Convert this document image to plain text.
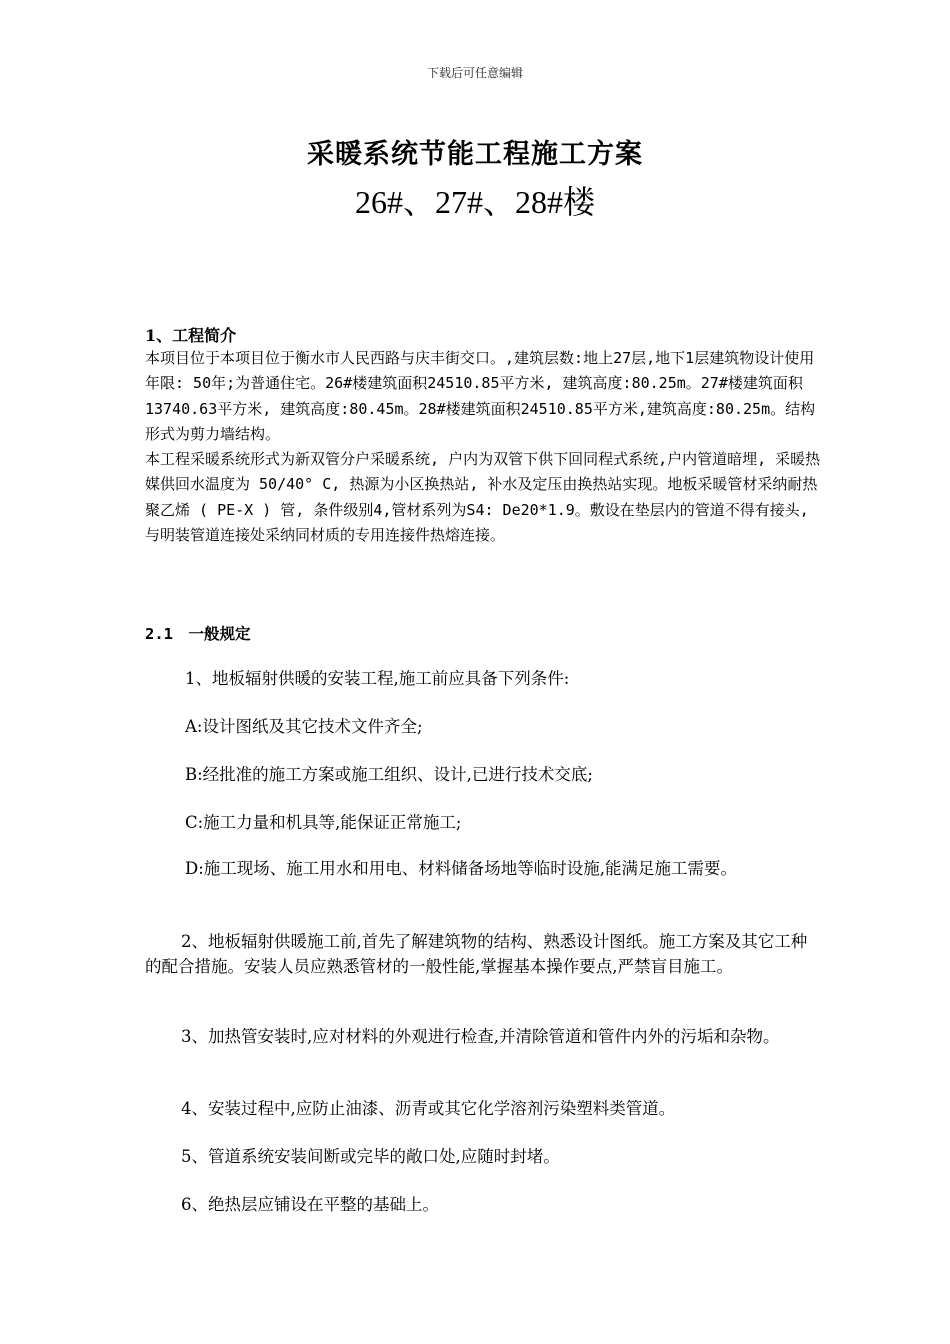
下载后可任意编辑
采暖系统节能工程施工方案
26#、27#、28#楼
1、工程简介

本项目位于本项目位于衡水市人民西路与庆丰街交口。,建筑层数:地上27层,地下1层建筑物设计使用年限: 50年;为普通住宅。26#楼建筑面积24510.85平方米, 建筑高度:80.25m。27#楼建筑面积13740.63平方米, 建筑高度:80.45m。28#楼建筑面积24510.85平方米,建筑高度:80.25m。结构形式为剪力墙结构。

本工程采暖系统形式为新双管分户采暖系统, 户内为双管下供下回同程式系统,户内管道暗埋, 采暖热媒供回水温度为 50/40° C, 热源为小区换热站, 补水及定压由换热站实现。地板采暖管材采纳耐热聚乙烯 ( PE-X ) 管, 条件级别4,管材系列为S4: De20*1.9。敷设在垫层内的管道不得有接头, 与明装管道连接处采纳同材质的专用连接件热熔连接。

2.1　一般规定

1、地板辐射供暖的安装工程,施工前应具备下列条件:

A:设计图纸及其它技术文件齐全;

B:经批准的施工方案或施工组织、设计,已进行技术交底;

C:施工力量和机具等,能保证正常施工;

D:施工现场、施工用水和用电、材料储备场地等临时设施,能满足施工需要。

2、地板辐射供暖施工前,首先了解建筑物的结构、熟悉设计图纸。施工方案及其它工种的配合措施。安装人员应熟悉管材的一般性能,掌握基本操作要点,严禁盲目施工。

3、加热管安装时,应对材料的外观进行检查,并清除管道和管件内外的污垢和杂物。

4、安装过程中,应防止油漆、沥青或其它化学溶剂污染塑料类管道。

5、管道系统安装间断或完毕的敞口处,应随时封堵。

6、绝热层应铺设在平整的基础上。
